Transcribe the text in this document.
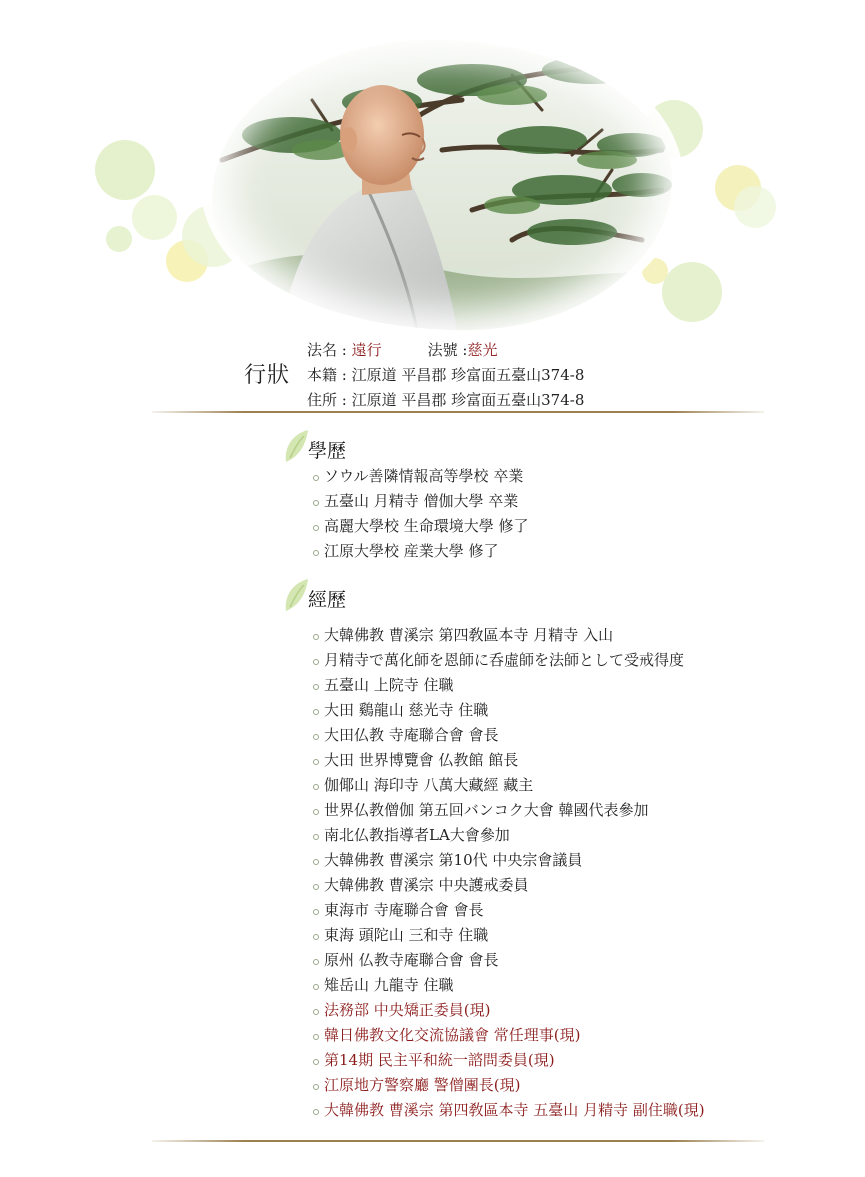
行狀
法名 : 遠行	法號 :慈光
本籍 : 江原道 平昌郡 珍富面五臺山374-8
住所 : 江原道 平昌郡 珍富面五臺山374-8
學歷
ソウル善隣情報高等學校 卒業
五臺山 月精寺 僧伽大學 卒業
高麗大學校 生命環境大學 修了
江原大學校 産業大學 修了
經歷
大韓佛教 曹溪宗 第四敎區本寺 月精寺 入山
月精寺で萬化師を恩師に呑虛師を法師として受戒得度
五臺山 上院寺 住職
大田 鷄龍山 慈光寺 住職
大田仏教 寺庵聯合會 會長
大田 世界博覽會 仏教館 館長
伽倻山 海印寺 八萬大藏經 藏主
世界仏教僧伽 第五回バンコク大會 韓國代表參加
南北仏教指導者LA大會參加
大韓佛教 曹溪宗 第10代 中央宗會議員
大韓佛教 曹溪宗 中央護戒委員
東海市 寺庵聯合會 會長
東海 頭陀山 三和寺 住職
原州 仏教寺庵聯合會 會長
雉岳山 九龍寺 住職
法務部 中央矯正委員(現)
韓日佛教文化交流協議會 常任理事(現)
第14期 民主平和統一諮問委員(現)
江原地方警察廳 警僧團長(現)
大韓佛教 曹溪宗 第四敎區本寺 五臺山 月精寺 副住職(現)
